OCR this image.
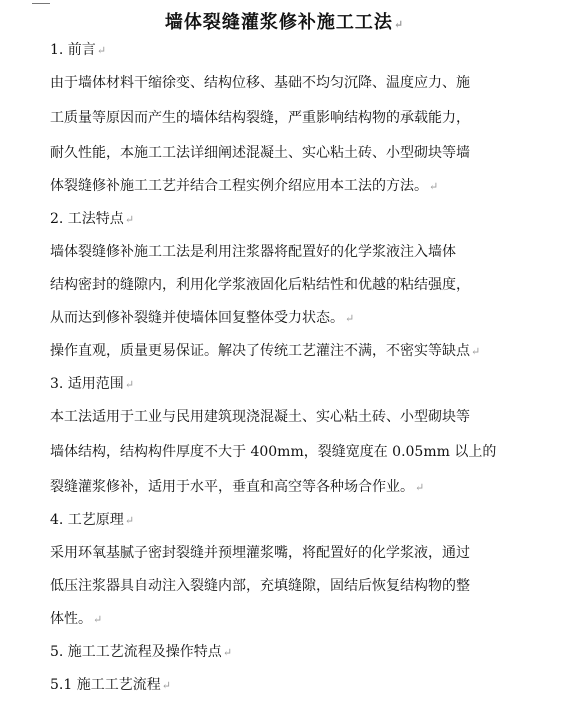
墙体裂缝灌浆修补施工工法↵
1. 前言↵
由于墙体材料干缩徐变、结构位移、基础不均匀沉降、温度应力、施
工质量等原因而产生的墙体结构裂缝，严重影响结构物的承载能力，
耐久性能，本施工工法详细阐述混凝土、实心粘土砖、小型砌块等墙
体裂缝修补施工工艺并结合工程实例介绍应用本工法的方法。↵
2. 工法特点↵
墙体裂缝修补施工工法是利用注浆器将配置好的化学浆液注入墙体
结构密封的缝隙内，利用化学浆液固化后粘结性和优越的粘结强度，
从而达到修补裂缝并使墙体回复整体受力状态。↵
操作直观，质量更易保证。解决了传统工艺灌注不满，不密实等缺点↵
3. 适用范围↵
本工法适用于工业与民用建筑现浇混凝土、实心粘土砖、小型砌块等
墙体结构，结构构件厚度不大于 400mm，裂缝宽度在 0.05mm 以上的
裂缝灌浆修补，适用于水平，垂直和高空等各种场合作业。↵
4. 工艺原理↵
采用环氧基腻子密封裂缝并预埋灌浆嘴，将配置好的化学浆液，通过
低压注浆器具自动注入裂缝内部，充填缝隙，固结后恢复结构物的整
体性。↵
5. 施工工艺流程及操作特点↵
5.1 施工工艺流程↵
